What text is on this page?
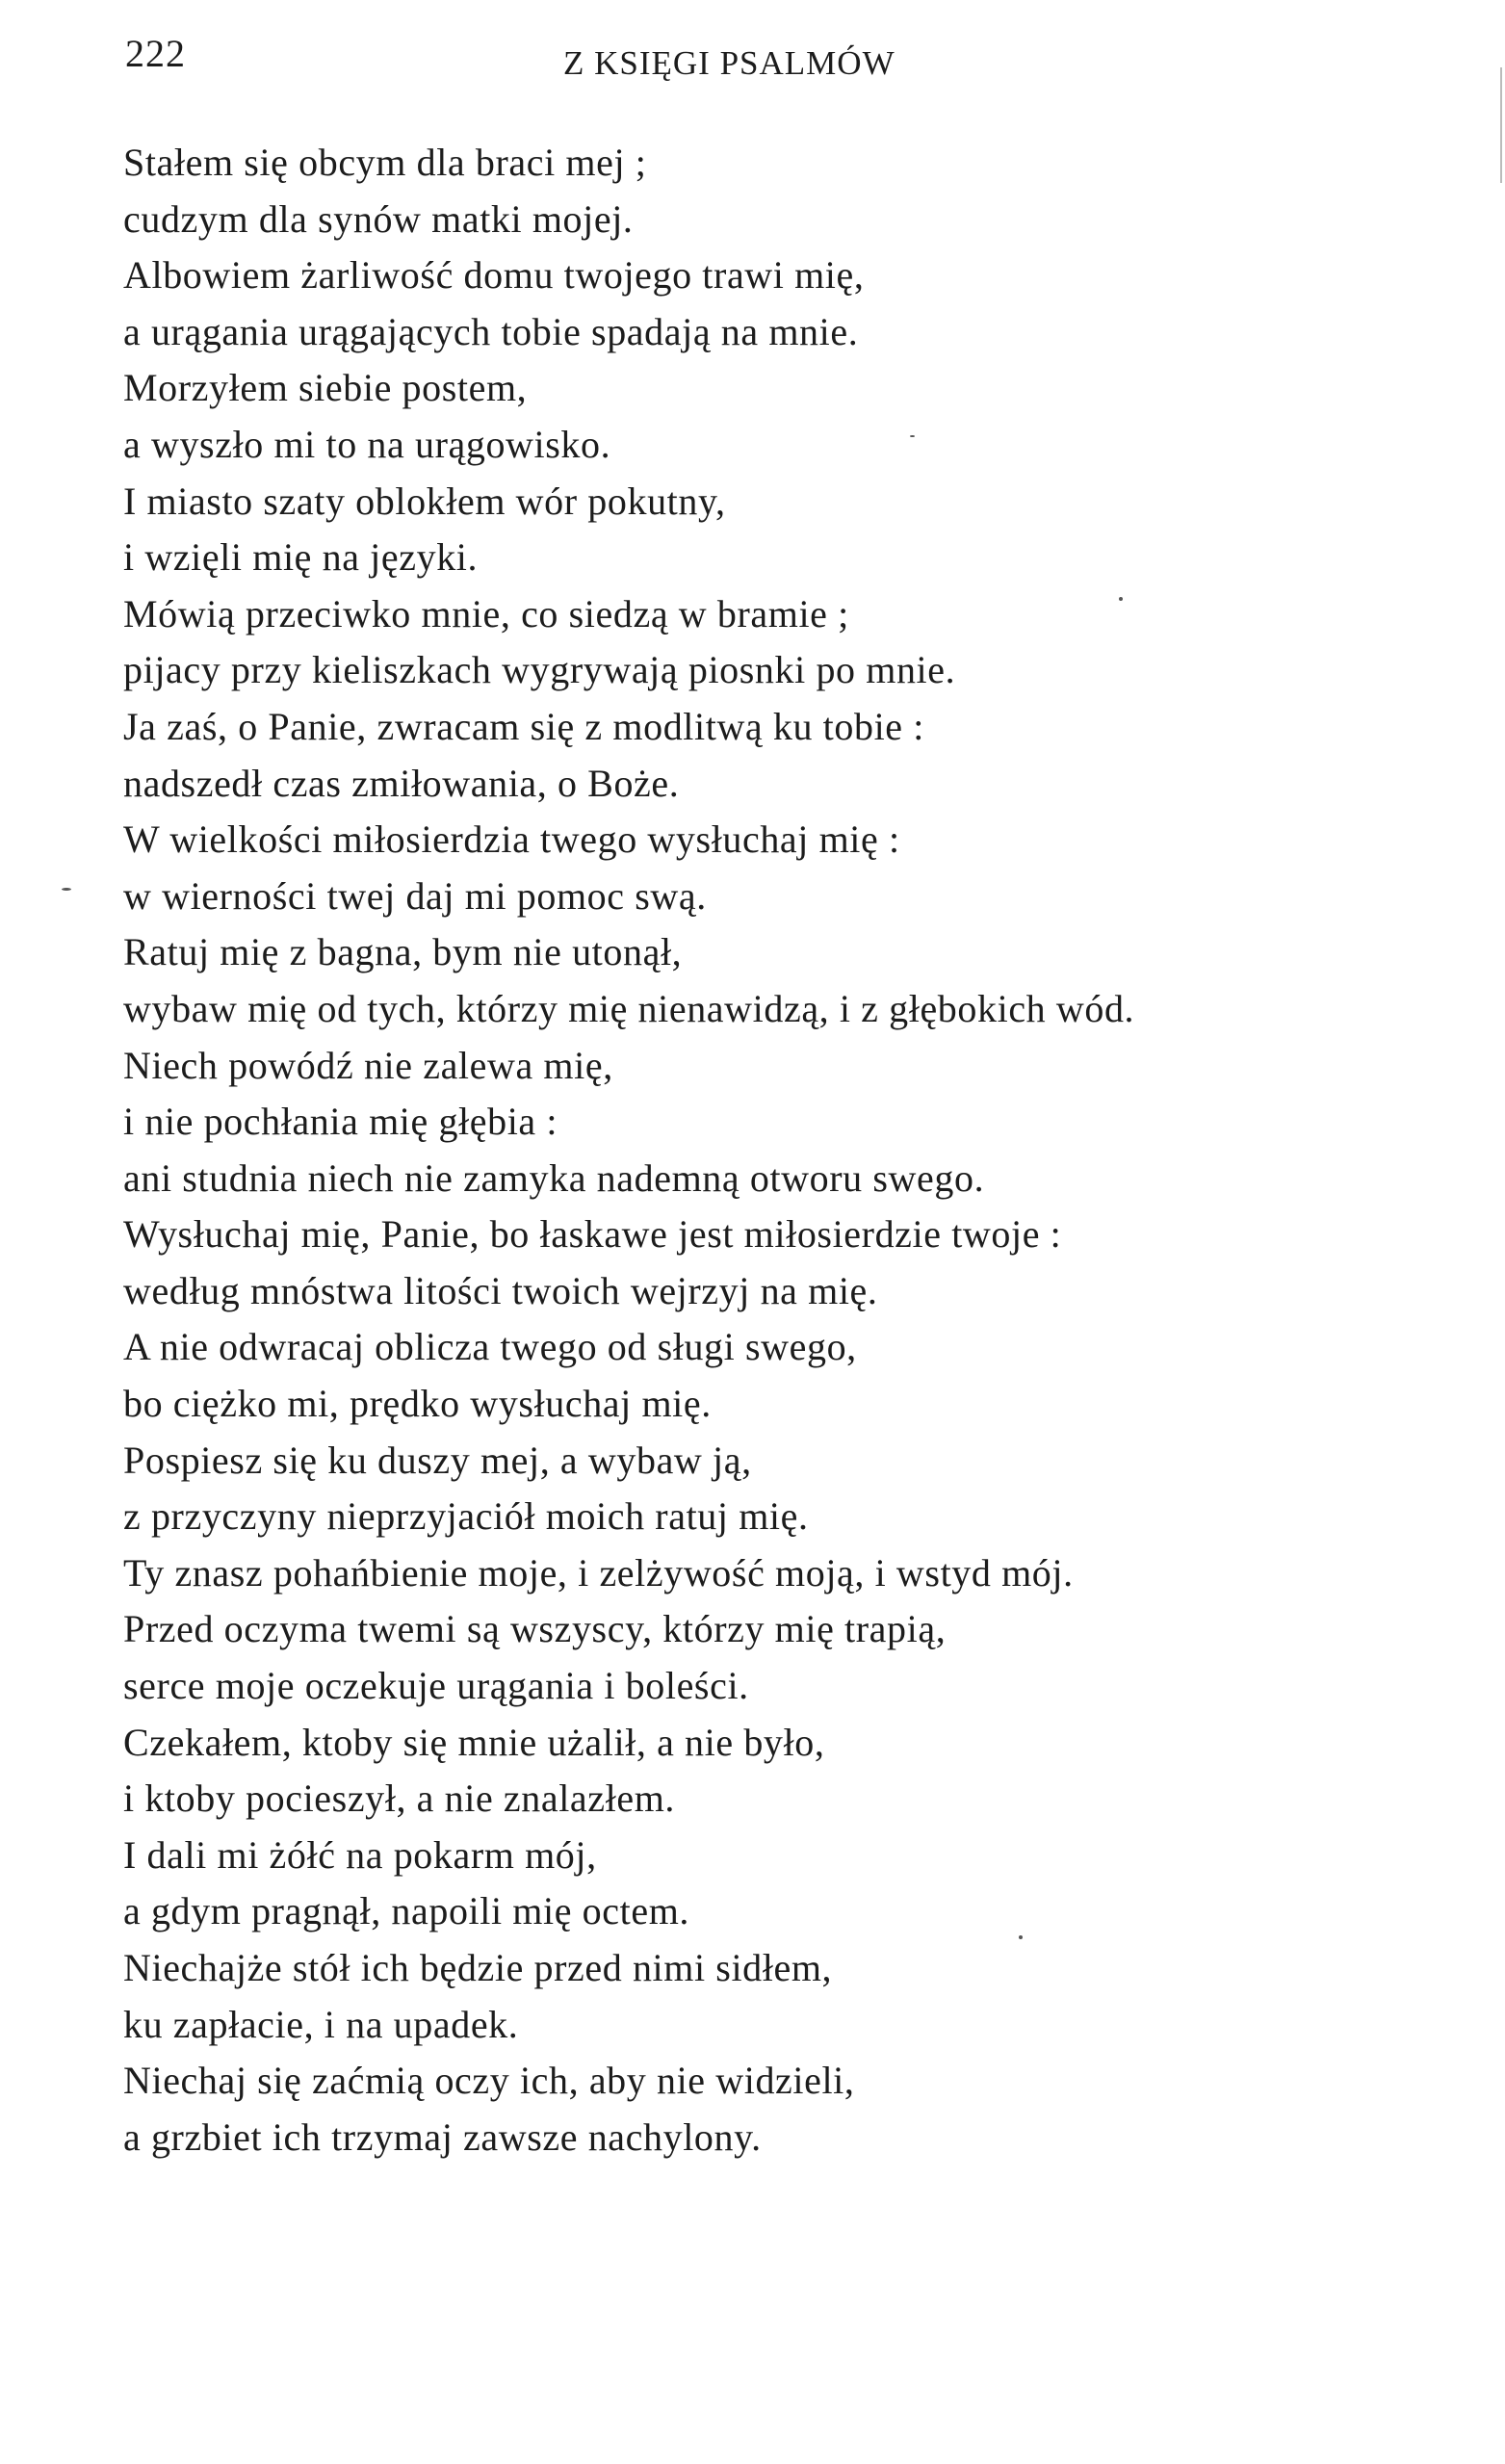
222	Z KSIĘGI PSALMÓW
Stałem się obcym dla braci mej ;
cudzym dla synów matki mojej.
Albowiem żarliwość domu twojego trawi mię,
a urągania urągających tobie spadają na mnie.
Morzyłem siebie postem,
a wyszło mi to na urągowisko.
I miasto szaty oblokłem wór pokutny,
i wzięli mię na języki.
Mówią przeciwko mnie, co siedzą w bramie ;
pijacy przy kieliszkach wygrywają piosnki po mnie.
Ja zaś, o Panie, zwracam się z modlitwą ku tobie :
nadszedł czas zmiłowania, o Boże.
W wielkości miłosierdzia twego wysłuchaj mię :
w wierności twej daj mi pomoc swą.
Ratuj mię z bagna, bym nie utonął,
wybaw mię od tych, którzy mię nienawidzą, i z głębokich wód.
Niech powódź nie zalewa mię,
i nie pochłania mię głębia :
ani studnia niech nie zamyka nademną otworu swego.
Wysłuchaj mię, Panie, bo łaskawe jest miłosierdzie twoje :
według mnóstwa litości twoich wejrzyj na mię.
A nie odwracaj oblicza twego od sługi swego,
bo ciężko mi, prędko wysłuchaj mię.
Pospiesz się ku duszy mej, a wybaw ją,
z przyczyny nieprzyjaciół moich ratuj mię.
Ty znasz pohańbienie moje, i zelżywość moją, i wstyd mój.
Przed oczyma twemi są wszyscy, którzy mię trapią,
serce moje oczekuje urągania i boleści.
Czekałem, ktoby się mnie użalił, a nie było,
i ktoby pocieszył, a nie znalazłem.
I dali mi żółć na pokarm mój,
a gdym pragnął, napoili mię octem.
Niechajże stół ich będzie przed nimi sidłem,
ku zapłacie, i na upadek.
Niechaj się zaćmią oczy ich, aby nie widzieli,
a grzbiet ich trzymaj zawsze nachylony.
